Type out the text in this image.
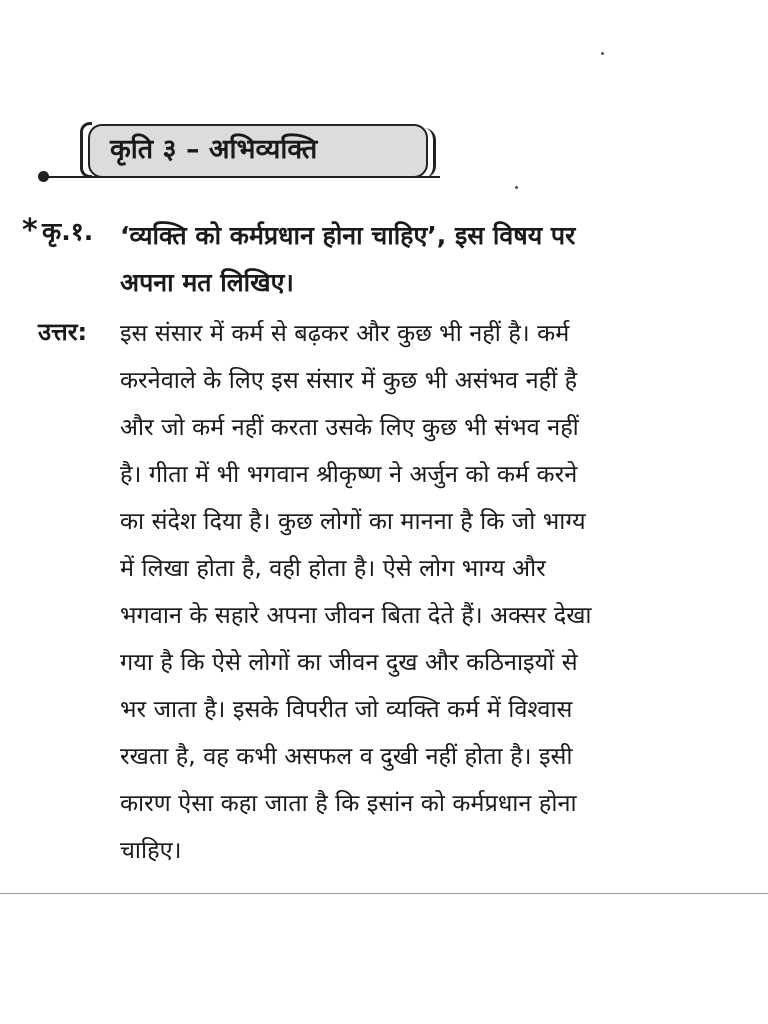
कृति ३ – अभिव्यक्ति
* कृ.१. ‘व्यक्ति को कर्मप्रधान होना चाहिए’, इस विषय पर
अपना मत लिखिए।
उत्तर: इस संसार में कर्म से बढ़कर और कुछ भी नहीं है। कर्म
करनेवाले के लिए इस संसार में कुछ भी असंभव नहीं है
और जो कर्म नहीं करता उसके लिए कुछ भी संभव नहीं
है। गीता में भी भगवान श्रीकृष्ण ने अर्जुन को कर्म करने
का संदेश दिया है। कुछ लोगों का मानना है कि जो भाग्य
में लिखा होता है, वही होता है। ऐसे लोग भाग्य और
भगवान के सहारे अपना जीवन बिता देते हैं। अक्सर देखा
गया है कि ऐसे लोगों का जीवन दुख और कठिनाइयों से
भर जाता है। इसके विपरीत जो व्यक्ति कर्म में विश्वास
रखता है, वह कभी असफल व दुखी नहीं होता है। इसी
कारण ऐसा कहा जाता है कि इसांन को कर्मप्रधान होना
चाहिए।
